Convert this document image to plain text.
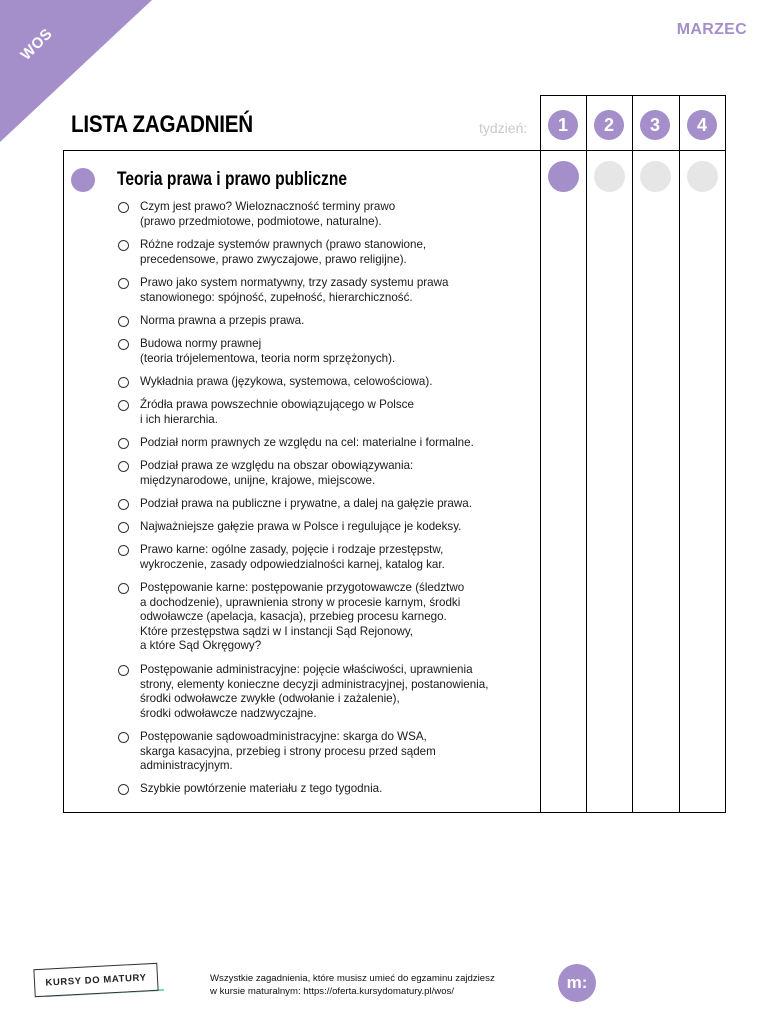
WOS	MARZEC
LISTA ZAGADNIEŃ	tydzień:	1	2	3	4
Teoria prawa i prawo publiczne
Czym jest prawo? Wieloznaczność terminy prawo
(prawo przedmiotowe, podmiotowe, naturalne).
Różne rodzaje systemów prawnych (prawo stanowione,
precedensowe, prawo zwyczajowe, prawo religijne).
Prawo jako system normatywny, trzy zasady systemu prawa
stanowionego: spójność, zupełność, hierarchiczność.
Norma prawna a przepis prawa.
Budowa normy prawnej
(teoria trójelementowa, teoria norm sprzężonych).
Wykładnia prawa (językowa, systemowa, celowościowa).
Źródła prawa powszechnie obowiązującego w Polsce
i ich hierarchia.
Podział norm prawnych ze względu na cel: materialne i formalne.
Podział prawa ze względu na obszar obowiązywania:
międzynarodowe, unijne, krajowe, miejscowe.
Podział prawa na publiczne i prywatne, a dalej na gałęzie prawa.
Najważniejsze gałęzie prawa w Polsce i regulujące je kodeksy.
Prawo karne: ogólne zasady, pojęcie i rodzaje przestępstw,
wykroczenie, zasady odpowiedzialności karnej, katalog kar.
Postępowanie karne: postępowanie przygotowawcze (śledztwo
a dochodzenie), uprawnienia strony w procesie karnym, środki
odwoławcze (apelacja, kasacja), przebieg procesu karnego.
Które przestępstwa sądzi w I instancji Sąd Rejonowy,
a które Sąd Okręgowy?
Postępowanie administracyjne: pojęcie właściwości, uprawnienia
strony, elementy konieczne decyzji administracyjnej, postanowienia,
środki odwoławcze zwykłe (odwołanie i zażalenie),
środki odwoławcze nadzwyczajne.
Postępowanie sądowoadministracyjne: skarga do WSA,
skarga kasacyjna, przebieg i strony procesu przed sądem
administracyjnym.
Szybkie powtórzenie materiału z tego tygodnia.
KURSY DO MATURY	Wszystkie zagadnienia, które musisz umieć do egzaminu zajdziesz
w kursie maturalnym: https://oferta.kursydomatury.pl/wos/	m:
